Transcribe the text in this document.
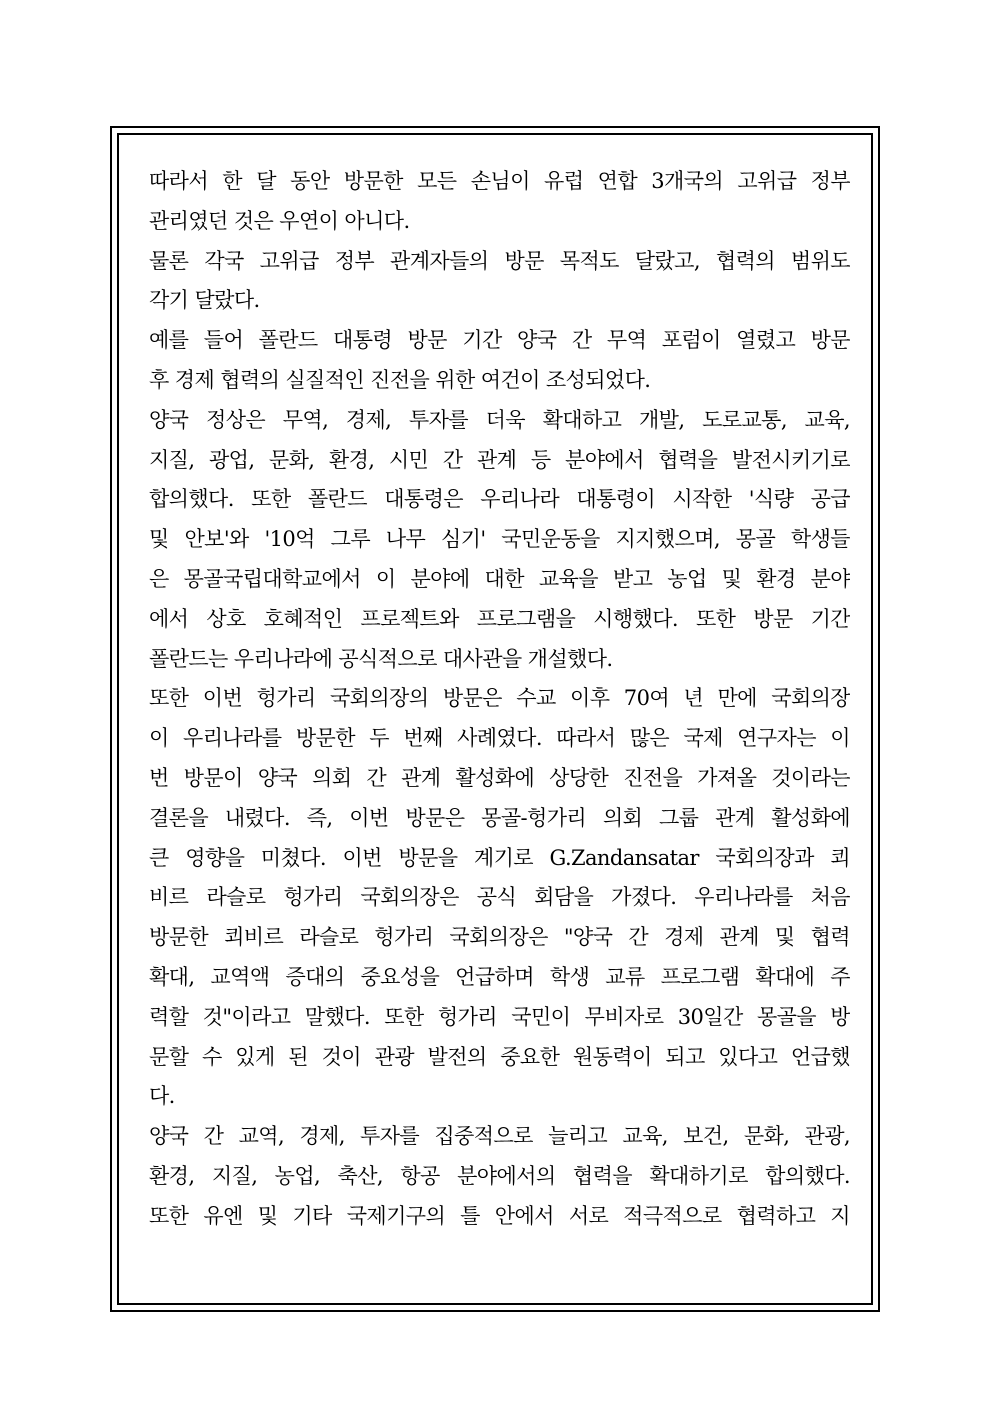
따라서 한 달 동안 방문한 모든 손님이 유럽 연합 3개국의 고위급 정부
관리였던 것은 우연이 아니다.
물론 각국 고위급 정부 관계자들의 방문 목적도 달랐고, 협력의 범위도
각기 달랐다.
예를 들어 폴란드 대통령 방문 기간 양국 간 무역 포럼이 열렸고 방문
후 경제 협력의 실질적인 진전을 위한 여건이 조성되었다.
양국 정상은 무역, 경제, 투자를 더욱 확대하고 개발, 도로교통, 교육,
지질, 광업, 문화, 환경, 시민 간 관계 등 분야에서 협력을 발전시키기로
합의했다. 또한 폴란드 대통령은 우리나라 대통령이 시작한 '식량 공급
및 안보'와 '10억 그루 나무 심기' 국민운동을 지지했으며, 몽골 학생들
은 몽골국립대학교에서 이 분야에 대한 교육을 받고 농업 및 환경 분야
에서 상호 호혜적인 프로젝트와 프로그램을 시행했다. 또한 방문 기간
폴란드는 우리나라에 공식적으로 대사관을 개설했다.
또한 이번 헝가리 국회의장의 방문은 수교 이후 70여 년 만에 국회의장
이 우리나라를 방문한 두 번째 사례였다. 따라서 많은 국제 연구자는 이
번 방문이 양국 의회 간 관계 활성화에 상당한 진전을 가져올 것이라는
결론을 내렸다. 즉, 이번 방문은 몽골-헝가리 의회 그룹 관계 활성화에
큰 영향을 미쳤다. 이번 방문을 계기로 G.Zandansatar 국회의장과 쾨
비르 라슬로 헝가리 국회의장은 공식 회담을 가졌다. 우리나라를 처음
방문한 쾨비르 라슬로 헝가리 국회의장은 "양국 간 경제 관계 및 협력
확대, 교역액 증대의 중요성을 언급하며 학생 교류 프로그램 확대에 주
력할 것"이라고 말했다. 또한 헝가리 국민이 무비자로 30일간 몽골을 방
문할 수 있게 된 것이 관광 발전의 중요한 원동력이 되고 있다고 언급했
다.
양국 간 교역, 경제, 투자를 집중적으로 늘리고 교육, 보건, 문화, 관광,
환경, 지질, 농업, 축산, 항공 분야에서의 협력을 확대하기로 합의했다.
또한 유엔 및 기타 국제기구의 틀 안에서 서로 적극적으로 협력하고 지
